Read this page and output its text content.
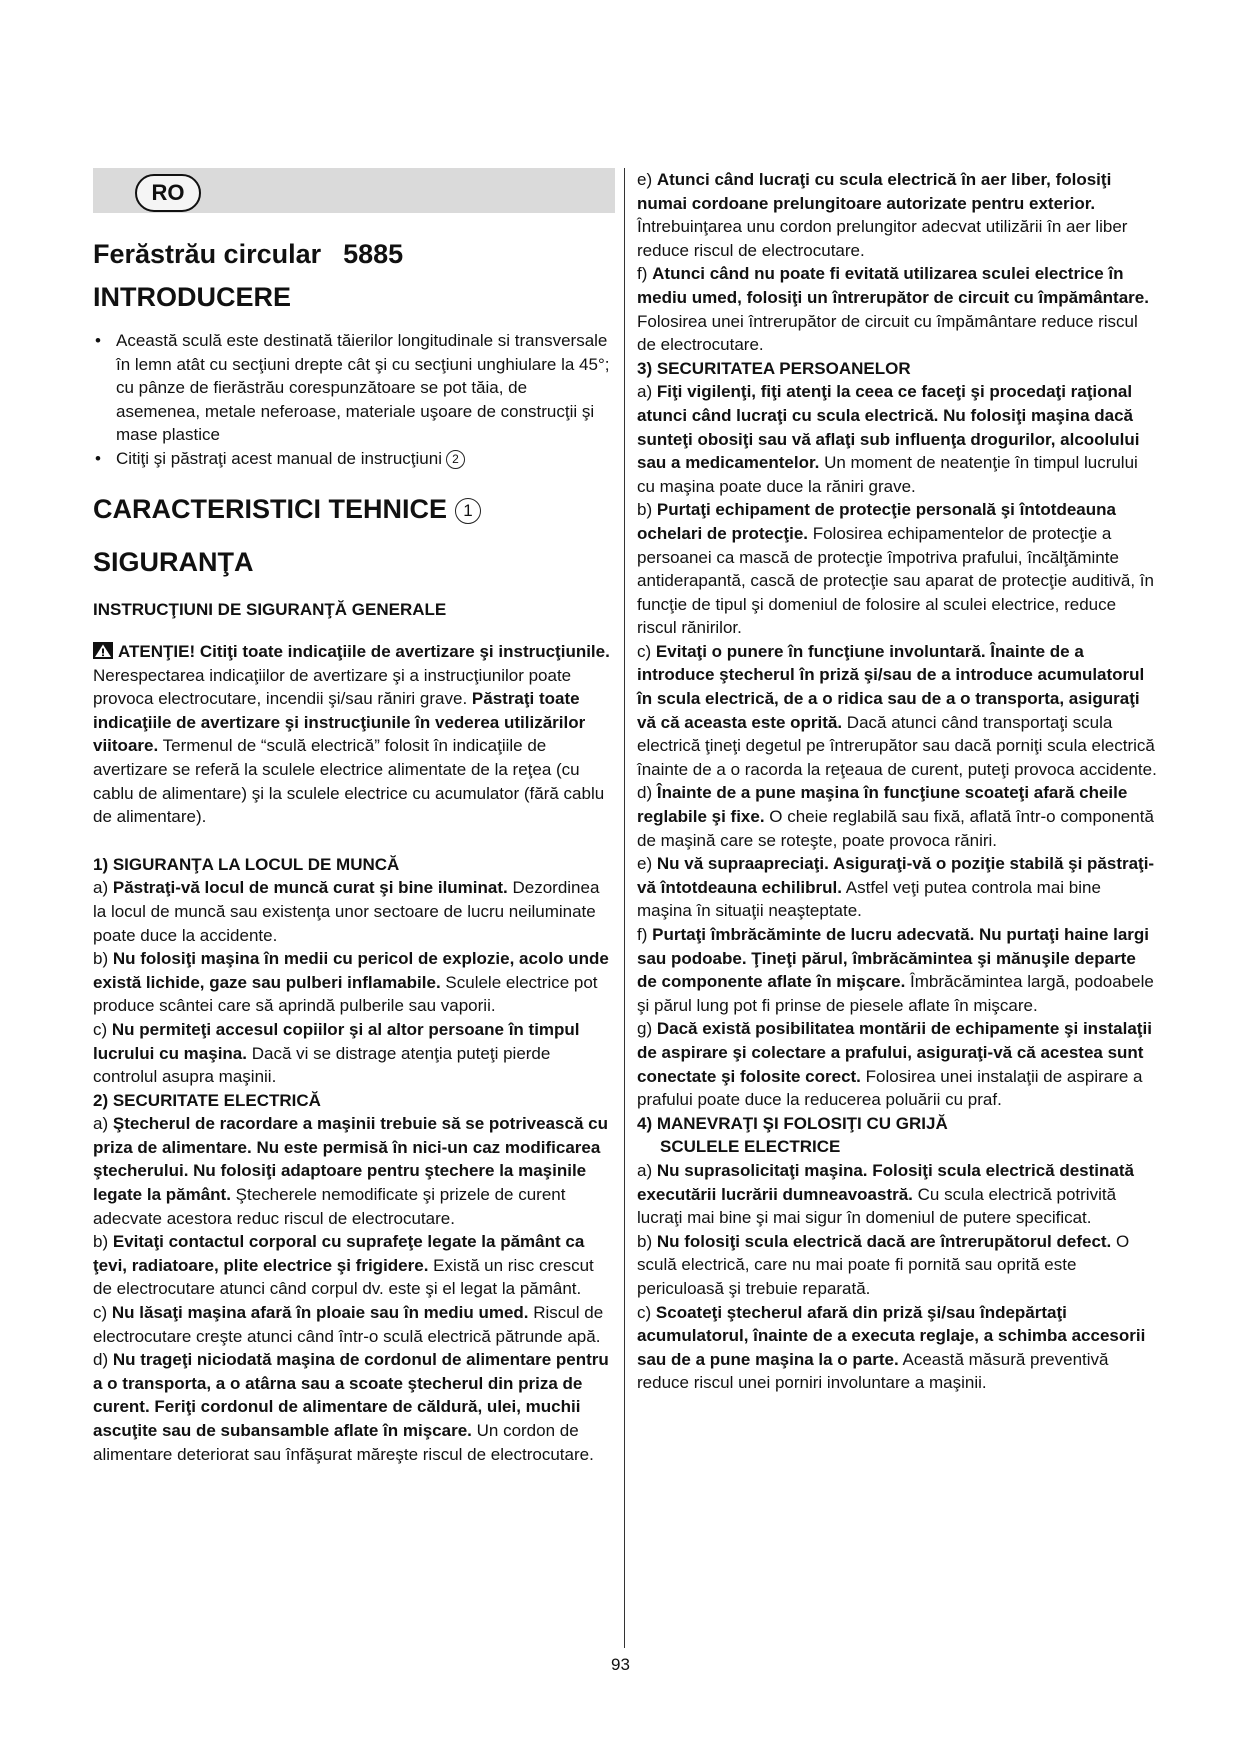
RO
Ferăstrău circular 5885
INTRODUCERE
• Această sculă este destinată tăierilor longitudinale si transversale în lemn atât cu secţiuni drepte cât şi cu secţiuni unghiulare la 45°; cu pânze de fierăstrău corespunzătoare se pot tăia, de asemenea, metale neferoase, materiale uşoare de construcţii şi mase plastice
• Citiţi şi păstraţi acest manual de instrucţiuni 2
CARACTERISTICI TEHNICE 1
SIGURANŢA
INSTRUCŢIUNI DE SIGURANŢĂ GENERALE

ATENŢIE! Citiţi toate indicaţiile de avertizare şi instrucţiunile. Nerespectarea indicaţiilor de avertizare şi a instrucţiunilor poate provoca electrocutare, incendii şi/sau răniri grave. Păstraţi toate indicaţiile de avertizare şi instrucţiunile în vederea utilizărilor viitoare. Termenul de “sculă electrică” folosit în indicaţiile de avertizare se referă la sculele electrice alimentate de la reţea (cu cablu de alimentare) şi la sculele electrice cu acumulator (fără cablu de alimentare).

1) SIGURANŢA LA LOCUL DE MUNCĂ

a) Păstraţi-vă locul de muncă curat şi bine iluminat. Dezordinea la locul de muncă sau existenţa unor sectoare de lucru neiluminate poate duce la accidente.

b) Nu folosiţi maşina în medii cu pericol de explozie, acolo unde există lichide, gaze sau pulberi inflamabile. Sculele electrice pot produce scântei care să aprindă pulberile sau vaporii.

c) Nu permiteţi accesul copiilor şi al altor persoane în timpul lucrului cu maşina. Dacă vi se distrage atenţia puteţi pierde controlul asupra maşinii.

2) SECURITATE ELECTRICĂ

a) Ştecherul de racordare a maşinii trebuie să se potrivească cu priza de alimentare. Nu este permisă în nici-un caz modificarea ştecherului. Nu folosiţi adaptoare pentru ştechere la maşinile legate la pământ. Ştecherele nemodificate şi prizele de curent adecvate acestora reduc riscul de electrocutare.

b) Evitaţi contactul corporal cu suprafeţe legate la pământ ca ţevi, radiatoare, plite electrice şi frigidere. Există un risc crescut de electrocutare atunci când corpul dv. este şi el legat la pământ.

c) Nu lăsaţi maşina afară în ploaie sau în mediu umed. Riscul de electrocutare creşte atunci când într-o sculă electrică pătrunde apă.

d) Nu trageţi niciodată maşina de cordonul de alimentare pentru a o transporta, a o atârna sau a scoate ştecherul din priza de curent. Feriţi cordonul de alimentare de căldură, ulei, muchii ascuţite sau de subansamble aflate în mişcare. Un cordon de alimentare deteriorat sau înfăşurat măreşte riscul de electrocutare.

e) Atunci când lucraţi cu scula electrică în aer liber, folosiţi numai cordoane prelungitoare autorizate pentru exterior. Întrebuinţarea unu cordon prelungitor adecvat utilizării în aer liber reduce riscul de electrocutare.

f) Atunci când nu poate fi evitată utilizarea sculei electrice în mediu umed, folosiţi un întrerupător de circuit cu împământare. Folosirea unei întrerupător de circuit cu împământare reduce riscul de electrocutare.

3) SECURITATEA PERSOANELOR

a) Fiţi vigilenţi, fiţi atenţi la ceea ce faceţi şi procedaţi raţional atunci când lucraţi cu scula electrică. Nu folosiţi maşina dacă sunteţi obosiţi sau vă aflaţi sub influenţa drogurilor, alcoolului sau a medicamentelor. Un moment de neatenţie în timpul lucrului cu maşina poate duce la răniri grave.

b) Purtaţi echipament de protecţie personală şi întotdeauna ochelari de protecţie. Folosirea echipamentelor de protecţie a persoanei ca mască de protecţie împotriva prafului, încălţăminte antiderapantă, cască de protecţie sau aparat de protecţie auditivă, în funcţie de tipul şi domeniul de folosire al sculei electrice, reduce riscul rănirilor.

c) Evitaţi o punere în funcţiune involuntară. Înainte de a introduce ştecherul în priză şi/sau de a introduce acumulatorul în scula electrică, de a o ridica sau de a o transporta, asiguraţi vă că aceasta este oprită. Dacă atunci când transportaţi scula electrică ţineţi degetul pe întrerupător sau dacă porniţi scula electrică înainte de a o racorda la reţeaua de curent, puteţi provoca accidente.

d) Înainte de a pune maşina în funcţiune scoateţi afară cheile reglabile şi fixe. O cheie reglabilă sau fixă, aflată într-o componentă de maşină care se roteşte, poate provoca răniri.

e) Nu vă supraapreciaţi. Asiguraţi-vă o poziţie stabilă şi păstraţi-vă întotdeauna echilibrul. Astfel veţi putea controla mai bine maşina în situaţii neaşteptate.

f) Purtaţi îmbrăcăminte de lucru adecvată. Nu purtaţi haine largi sau podoabe. Ţineţi părul, îmbrăcămintea şi mănuşile departe de componente aflate în mişcare. Îmbrăcămintea largă, podoabele şi părul lung pot fi prinse de piesele aflate în mişcare.

g) Dacă există posibilitatea montării de echipamente şi instalaţii de aspirare şi colectare a prafului, asiguraţi-vă că acestea sunt conectate şi folosite corect. Folosirea unei instalaţii de aspirare a prafului poate duce la reducerea poluării cu praf.

4) MANEVRAŢI ŞI FOLOSIŢI CU GRIJĂ
SCULELE ELECTRICE

a) Nu suprasolicitaţi maşina. Folosiţi scula electrică destinată executării lucrării dumneavoastră. Cu scula electrică potrivită lucraţi mai bine şi mai sigur în domeniul de putere specificat.

b) Nu folosiţi scula electrică dacă are întrerupătorul defect. O sculă electrică, care nu mai poate fi pornită sau oprită este periculoasă şi trebuie reparată.

c) Scoateţi ştecherul afară din priză şi/sau îndepărtaţi acumulatorul, înainte de a executa reglaje, a schimba accesorii sau de a pune maşina la o parte. Această măsură preventivă reduce riscul unei porniri involuntare a maşinii.

93
